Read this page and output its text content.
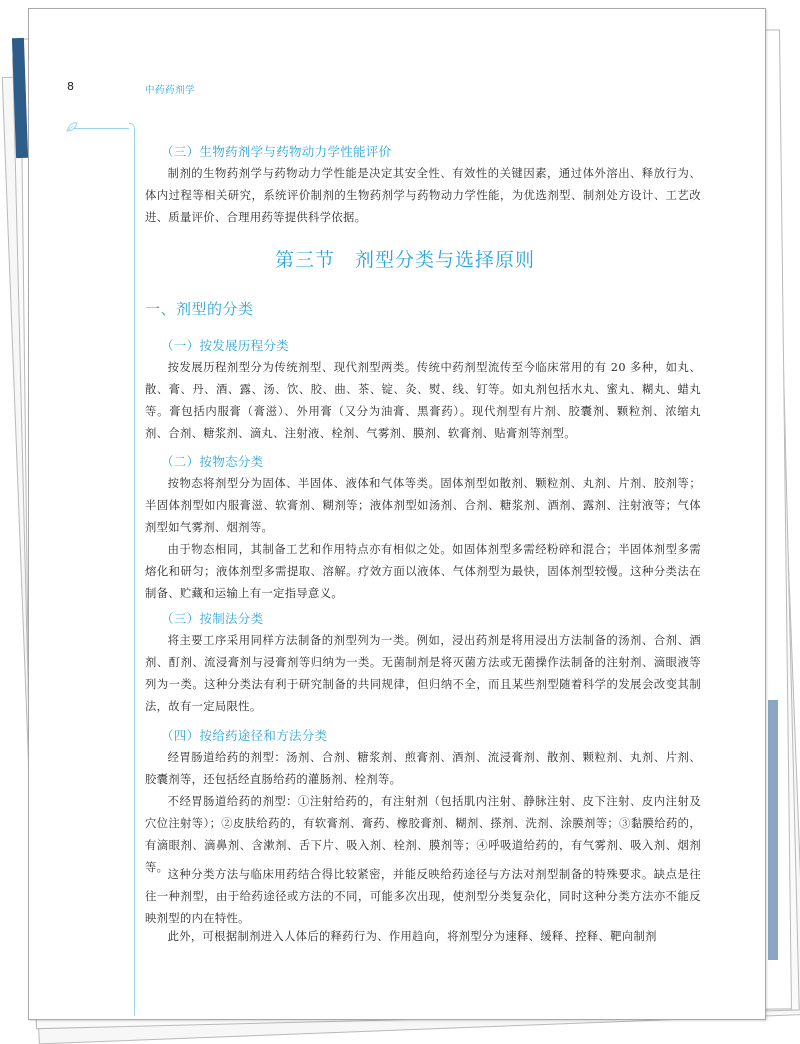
8	中药药剂学
（三）生物药剂学与药物动力学性能评价

制剂的生物药剂学与药物动力学性能是决定其安全性、有效性的关键因素，通过体外溶出、释放行为、体内过程等相关研究，系统评价制剂的生物药剂学与药物动力学性能，为优选剂型、制剂处方设计、工艺改进、质量评价、合理用药等提供科学依据。

第三节　剂型分类与选择原则
一、剂型的分类
（一）按发展历程分类

按发展历程剂型分为传统剂型、现代剂型两类。传统中药剂型流传至今临床常用的有 20 多种，如丸、散、膏、丹、酒、露、汤、饮、胶、曲、茶、锭、灸、熨、线、钉等。如丸剂包括水丸、蜜丸、糊丸、蜡丸等。膏包括内服膏（膏滋）、外用膏（又分为油膏、黑膏药）。现代剂型有片剂、胶囊剂、颗粒剂、浓缩丸剂、合剂、糖浆剂、滴丸、注射液、栓剂、气雾剂、膜剂、软膏剂、贴膏剂等剂型。

（二）按物态分类

按物态将剂型分为固体、半固体、液体和气体等类。固体剂型如散剂、颗粒剂、丸剂、片剂、胶剂等；半固体剂型如内服膏滋、软膏剂、糊剂等；液体剂型如汤剂、合剂、糖浆剂、酒剂、露剂、注射液等；气体剂型如气雾剂、烟剂等。

由于物态相同，其制备工艺和作用特点亦有相似之处。如固体剂型多需经粉碎和混合；半固体剂型多需熔化和研匀；液体剂型多需提取、溶解。疗效方面以液体、气体剂型为最快，固体剂型较慢。这种分类法在制备、贮藏和运输上有一定指导意义。

（三）按制法分类

将主要工序采用同样方法制备的剂型列为一类。例如，浸出药剂是将用浸出方法制备的汤剂、合剂、酒剂、酊剂、流浸膏剂与浸膏剂等归纳为一类。无菌制剂是将灭菌方法或无菌操作法制备的注射剂、滴眼液等列为一类。这种分类法有利于研究制备的共同规律，但归纳不全，而且某些剂型随着科学的发展会改变其制法，故有一定局限性。

（四）按给药途径和方法分类

经胃肠道给药的剂型：汤剂、合剂、糖浆剂、煎膏剂、酒剂、流浸膏剂、散剂、颗粒剂、丸剂、片剂、胶囊剂等，还包括经直肠给药的灌肠剂、栓剂等。

不经胃肠道给药的剂型：①注射给药的，有注射剂（包括肌内注射、静脉注射、皮下注射、皮内注射及穴位注射等）；②皮肤给药的，有软膏剂、膏药、橡胶膏剂、糊剂、搽剂、洗剂、涂膜剂等；③黏膜给药的，有滴眼剂、滴鼻剂、含漱剂、舌下片、吸入剂、栓剂、膜剂等；④呼吸道给药的，有气雾剂、吸入剂、烟剂等。

这种分类方法与临床用药结合得比较紧密，并能反映给药途径与方法对剂型制备的特殊要求。缺点是往往一种剂型，由于给药途径或方法的不同，可能多次出现，使剂型分类复杂化，同时这种分类方法亦不能反映剂型的内在特性。

此外，可根据制剂进入人体后的释药行为、作用趋向，将剂型分为速释、缓释、控释、靶向制剂
